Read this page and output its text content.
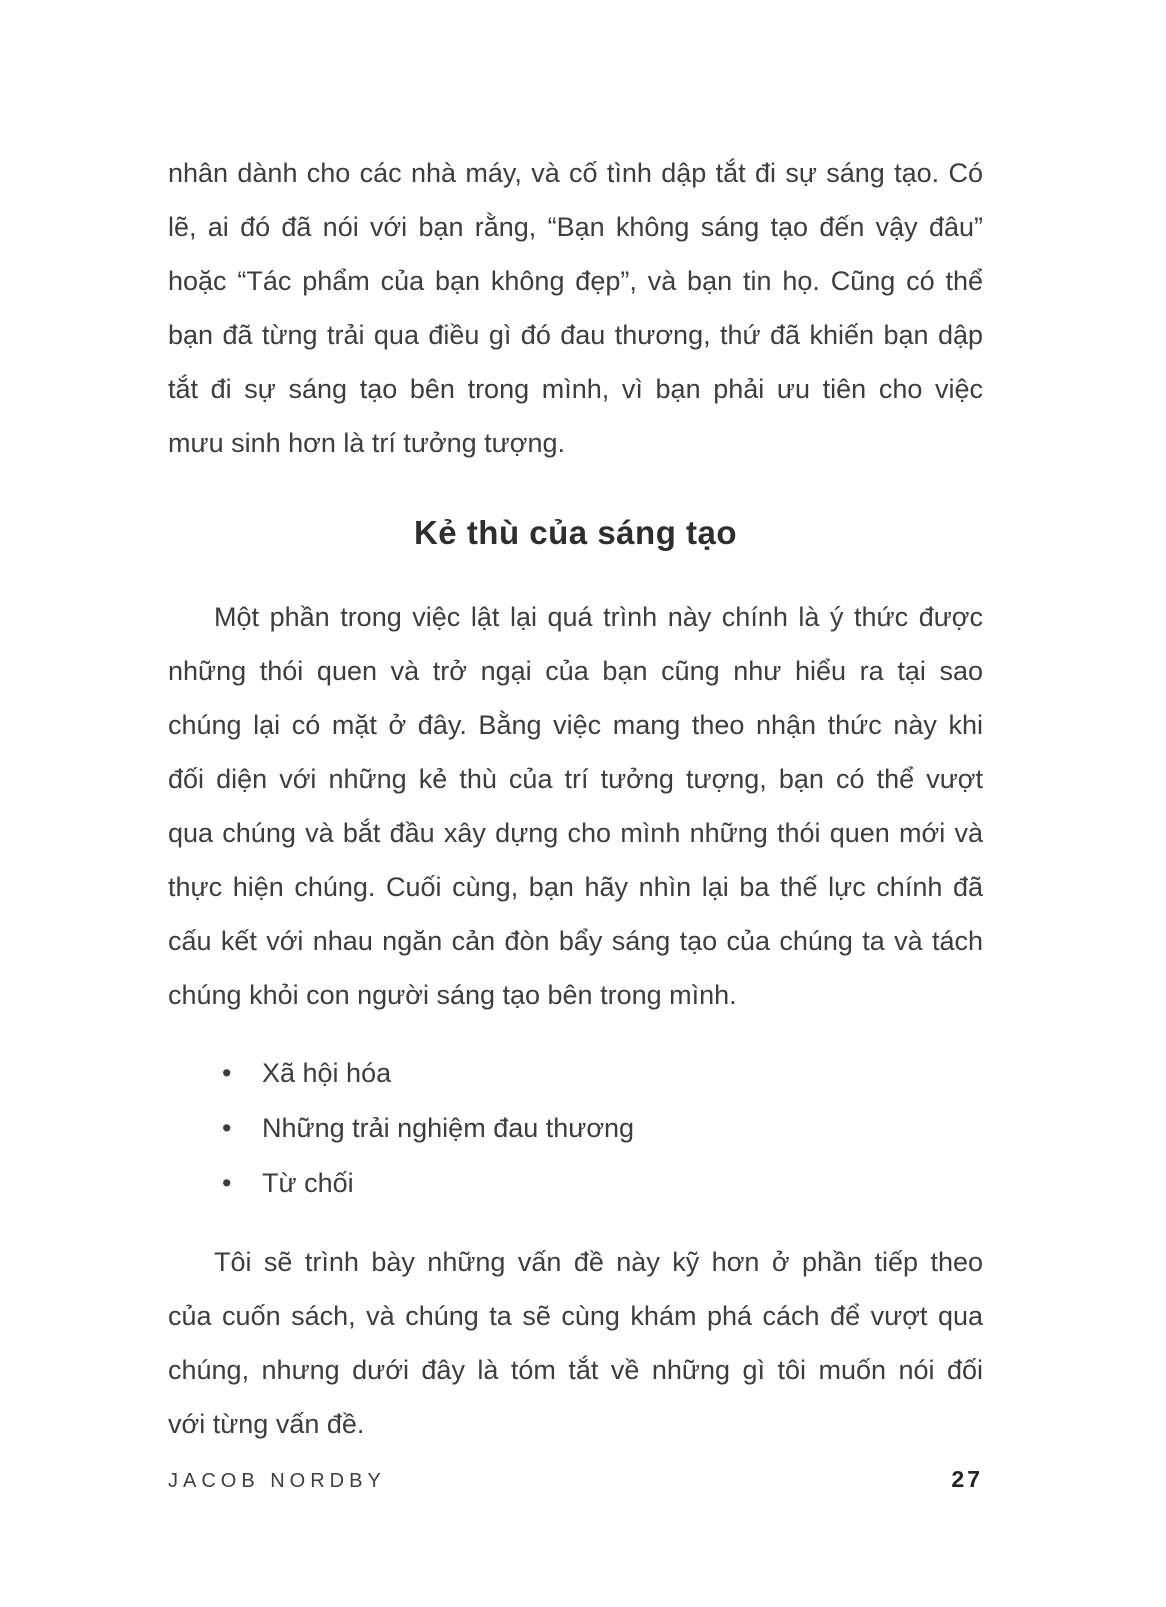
nhân dành cho các nhà máy, và cố tình dập tắt đi sự sáng tạo. Có
lẽ, ai đó đã nói với bạn rằng, “Bạn không sáng tạo đến vậy đâu”
hoặc “Tác phẩm của bạn không đẹp”, và bạn tin họ. Cũng có thể
bạn đã từng trải qua điều gì đó đau thương, thứ đã khiến bạn dập
tắt đi sự sáng tạo bên trong mình, vì bạn phải ưu tiên cho việc
mưu sinh hơn là trí tưởng tượng.
Kẻ thù của sáng tạo
Một phần trong việc lật lại quá trình này chính là ý thức được
những thói quen và trở ngại của bạn cũng như hiểu ra tại sao
chúng lại có mặt ở đây. Bằng việc mang theo nhận thức này khi
đối diện với những kẻ thù của trí tưởng tượng, bạn có thể vượt
qua chúng và bắt đầu xây dựng cho mình những thói quen mới và
thực hiện chúng. Cuối cùng, bạn hãy nhìn lại ba thế lực chính đã
cấu kết với nhau ngăn cản đòn bẩy sáng tạo của chúng ta và tách
chúng khỏi con người sáng tạo bên trong mình.
• Xã hội hóa
• Những trải nghiệm đau thương
• Từ chối
Tôi sẽ trình bày những vấn đề này kỹ hơn ở phần tiếp theo
của cuốn sách, và chúng ta sẽ cùng khám phá cách để vượt qua
chúng, nhưng dưới đây là tóm tắt về những gì tôi muốn nói đối
với từng vấn đề.
JACOB NORDBY	27
